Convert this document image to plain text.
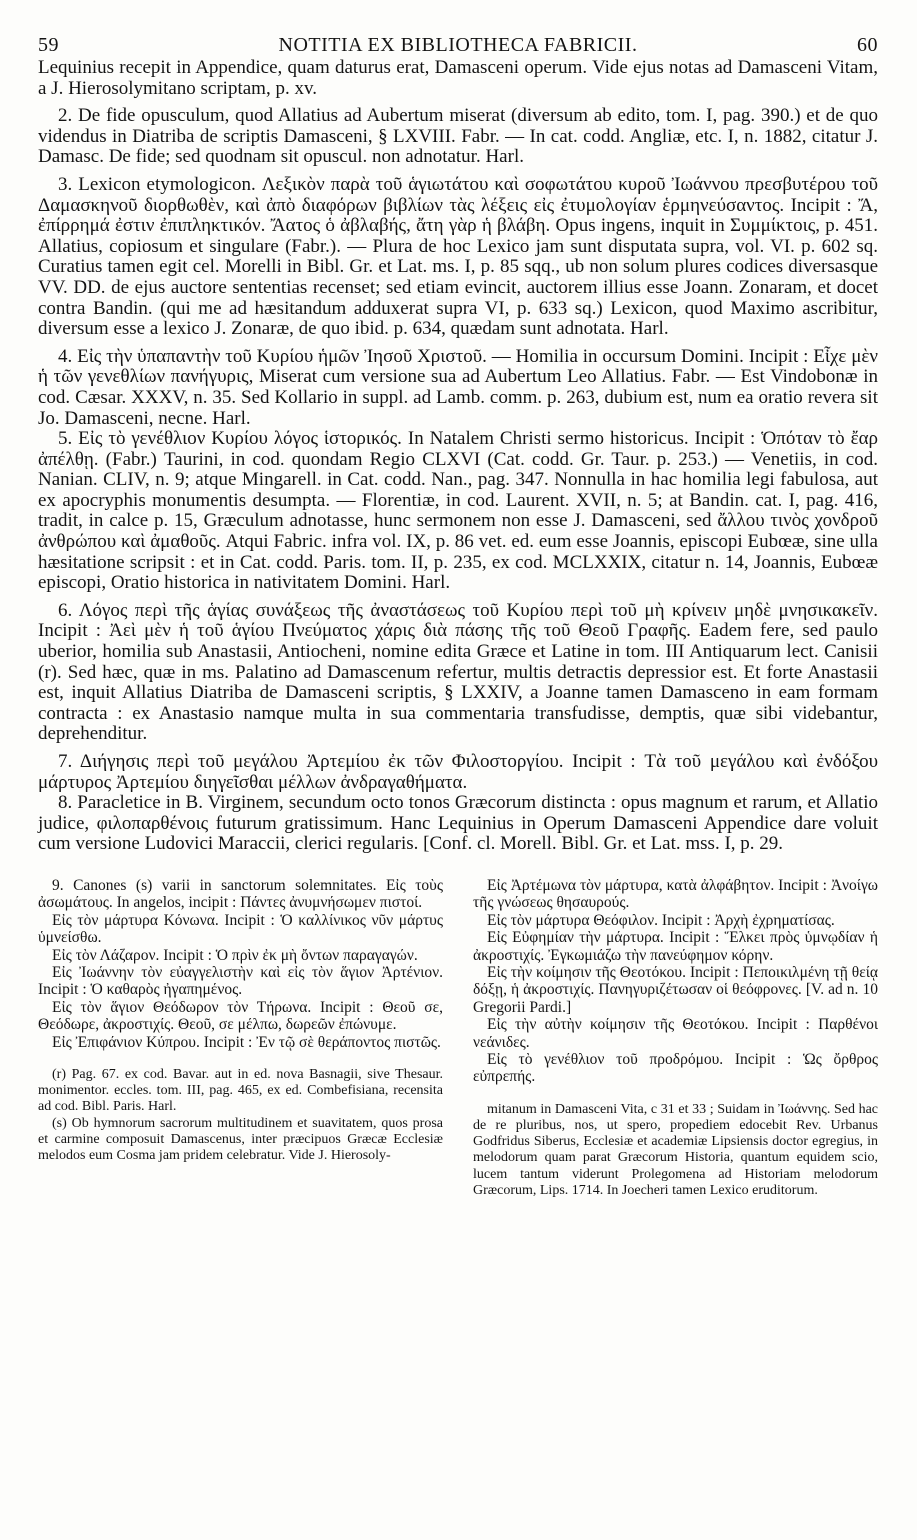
59	NOTITIA EX BIBLIOTHECA FABRICII.	60

Lequinius recepit in Appendice, quam daturus erat, Damasceni operum. Vide ejus notas ad Damasceni Vitam, a J. Hierosolymitano scriptam, p. xv.

2. De fide opusculum, quod Allatius ad Aubertum miserat (diversum ab edito, tom. I, pag. 390.) et de quo videndus in Diatriba de scriptis Damasceni, § LXVIII. Fabr. — In cat. codd. Angliæ, etc. I, n. 1882, citatur J. Damasc. De fide; sed quodnam sit opuscul. non adnotatur. Harl.

3. Lexicon etymologicon. Λεξικὸν παρὰ τοῦ ἁγιωτάτου καὶ σοφωτάτου κυροῦ Ἰωάννου πρεσβυτέρου τοῦ Δαμασκηνοῦ διορθωθὲν, καὶ ἀπὸ διαφόρων βιβλίων τὰς λέξεις εἰς ἐτυμολογίαν ἑρμηνεύσαντος. Incipit : Ἄ, ἐπίρρημά ἐστιν ἐπιπληκτικόν. Ἄατος ὁ ἀβλαβής, ἄτη γὰρ ἡ βλάβη. Opus ingens, inquit in Συμμίκτοις, p. 451. Allatius, copiosum et singulare (Fabr.). — Plura de hoc Lexico jam sunt disputata supra, vol. VI. p. 602 sq. Curatius tamen egit cel. Morelli in Bibl. Gr. et Lat. ms. I, p. 85 sqq., ub non solum plures codices diversasque VV. DD. de ejus auctore sententias recenset; sed etiam evincit, auctorem illius esse Joann. Zonaram, et docet contra Bandin. (qui me ad hæsitandum adduxerat supra VI, p. 633 sq.) Lexicon, quod Maximo ascribitur, diversum esse a lexico J. Zonaræ, de quo ibid. p. 634, quædam sunt adnotata. Harl.

4. Εἰς τὴν ὑπαπαντὴν τοῦ Κυρίου ἡμῶν Ἰησοῦ Χριστοῦ. — Homilia in occursum Domini. Incipit : Εἶχε μὲν ἡ τῶν γενεθλίων πανήγυρις, Miserat cum versione sua ad Aubertum Leo Allatius. Fabr. — Est Vindobonæ in cod. Cæsar. XXXV, n. 35. Sed Kollario in suppl. ad Lamb. comm. p. 263, dubium est, num ea oratio revera sit Jo. Damasceni, necne. Harl.

5. Εἰς τὸ γενέθλιον Κυρίου λόγος ἱστορικός. In Natalem Christi sermo historicus. Incipit : Ὁπόταν τὸ ἔαρ ἀπέλθῃ. (Fabr.) Taurini, in cod. quondam Regio CLXVI (Cat. codd. Gr. Taur. p. 253.) — Venetiis, in cod. Nanian. CLIV, n. 9; atque Mingarell. in Cat. codd. Nan., pag. 347. Nonnulla in hac homilia legi fabulosa, aut ex apocryphis monumentis desumpta. — Florentiæ, in cod. Laurent. XVII, n. 5; at Bandin. cat. I, pag. 416, tradit, in calce p. 15, Græculum adnotasse, hunc sermonem non esse J. Damasceni, sed ἄλλου τινὸς χονδροῦ ἀνθρώπου καὶ ἀμαθοῦς. Atqui Fabric. infra vol. IX, p. 86 vet. ed. eum esse Joannis, episcopi Eubœæ, sine ulla hæsitatione scripsit : et in Cat. codd. Paris. tom. II, p. 235, ex cod. MCLXXIX, citatur n. 14, Joannis, Eubœæ episcopi, Oratio historica in nativitatem Domini. Harl.

6. Λόγος περὶ τῆς ἁγίας συνάξεως τῆς ἀναστάσεως τοῦ Κυρίου περὶ τοῦ μὴ κρίνειν μηδὲ μνησικακεῖν. Incipit : Ἀεὶ μὲν ἡ τοῦ ἁγίου Πνεύματος χάρις διὰ πάσης τῆς τοῦ Θεοῦ Γραφῆς. Eadem fere, sed paulo uberior, homilia sub Anastasii, Antiocheni, nomine edita Græce et Latine in tom. III Antiquarum lect. Canisii (r). Sed hæc, quæ in ms. Palatino ad Damascenum refertur, multis detractis depressior est. Et forte Anastasii est, inquit Allatius Diatriba de Damasceni scriptis, § LXXIV, a Joanne tamen Damasceno in eam formam contracta : ex Anastasio namque multa in sua commentaria transfudisse, demptis, quæ sibi videbantur, deprehenditur.

7. Διήγησις περὶ τοῦ μεγάλου Ἀρτεμίου ἐκ τῶν Φιλοστοργίου. Incipit : Τὰ τοῦ μεγάλου καὶ ἐνδόξου μάρτυρος Ἀρτεμίου διηγεῖσθαι μέλλων ἀνδραγαθήματα.

8. Paracletice in B. Virginem, secundum octo tonos Græcorum distincta : opus magnum et rarum, et Allatio judice, φιλοπαρθένοις futurum gratissimum. Hanc Lequinius in Operum Damasceni Appendice dare voluit cum versione Ludovici Maraccii, clerici regularis. [Conf. cl. Morell. Bibl. Gr. et Lat. mss. I, p. 29.

9. Canones (s) varii in sanctorum solemnitates. Εἰς τοὺς ἀσωμάτους. In angelos, incipit : Πάντες ἀνυμνήσωμεν πιστοί.

Εἰς τὸν μάρτυρα Κόνωνα. Incipit : Ὁ καλλίνικος νῦν μάρτυς ὑμνείσθω.

Εἰς τὸν Λάζαρον. Incipit : Ὁ πρὶν ἐκ μὴ ὄντων παραγαγών.

Εἰς Ἰωάννην τὸν εὐαγγελιστὴν καὶ εἰς τὸν ἅγιον Ἀρτένιον. Incipit : Ὁ καθαρὸς ἠγαπημένος.

Εἰς τὸν ἅγιον Θεόδωρον τὸν Τήρωνα. Incipit : Θεοῦ σε, Θεόδωρε, ἀκροστιχίς. Θεοῦ, σε μέλπω, δωρεῶν ἐπώνυμε.

Εἰς Ἐπιφάνιον Κύπρου. Incipit : Ἐν τῷ σὲ θεράποντος πιστῶς.

(r) Pag. 67. ex cod. Bavar. aut in ed. nova Basnagii, sive Thesaur. monimentor. eccles. tom. III, pag. 465, ex ed. Combefisiana, recensita ad cod. Bibl. Paris. Harl.

(s) Ob hymnorum sacrorum multitudinem et suavitatem, quos prosa et carmine composuit Damascenus, inter præcipuos Græcæ Ecclesiæ melodos eum Cosma jam pridem celebratur. Vide J. Hierosoly-

Εἰς Ἀρτέμωνα τὸν μάρτυρα, κατὰ ἀλφάβητον. Incipit : Ἀνοίγω τῆς γνώσεως θησαυρούς.

Εἰς τὸν μάρτυρα Θεόφιλον. Incipit : Ἀρχὴ ἐχρηματίσας.

Εἰς Εὐφημίαν τὴν μάρτυρα. Incipit : Ἕλκει πρὸς ὑμνῳδίαν ἡ ἀκροστιχίς. Ἐγκωμιάζω τὴν πανεύφημον κόρην.

Εἰς τὴν κοίμησιν τῆς Θεοτόκου. Incipit : Πεποικιλμένη τῇ θείᾳ δόξῃ, ἡ ἀκροστιχίς. Πανηγυριζέτωσαν οἱ θεόφρονες. [V. ad n. 10 Gregorii Pardi.]

Εἰς τὴν αὐτὴν κοίμησιν τῆς Θεοτόκου. Incipit : Παρθένοι νεάνιδες.

Εἰς τὸ γενέθλιον τοῦ προδρόμου. Incipit : Ὡς ὄρθρος εὐπρεπής.

mitanum in Damasceni Vita, c 31 et 33 ; Suidam in Ἰωάννης. Sed hac de re pluribus, nos, ut spero, propediem edocebit Rev. Urbanus Godfridus Siberus, Ecclesiæ et academiæ Lipsiensis doctor egregius, in melodorum quam parat Græcorum Historia, quantum equidem scio, lucem tantum viderunt Prolegomena ad Historiam melodorum Græcorum, Lips. 1714. In Joecheri tamen Lexico eruditorum.
